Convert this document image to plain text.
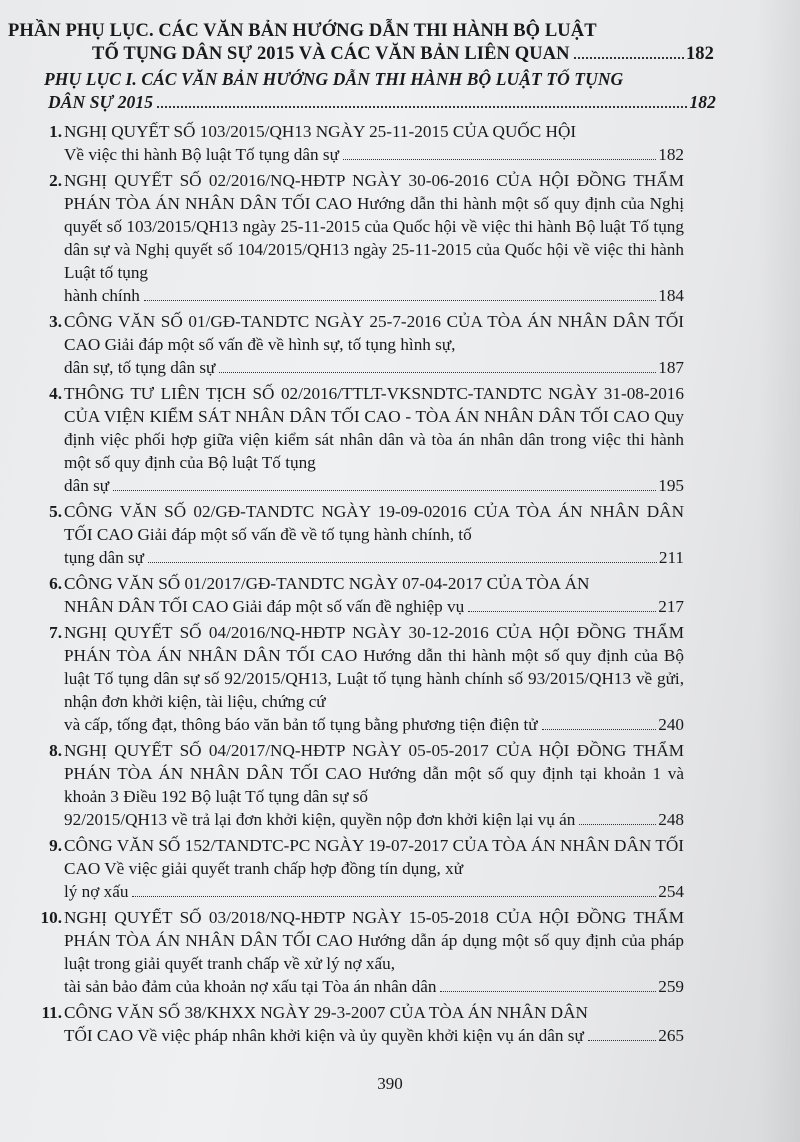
PHẦN PHỤ LỤC. CÁC VĂN BẢN HƯỚNG DẪN THI HÀNH BỘ LUẬT
TỐ TỤNG DÂN SỰ 2015 VÀ CÁC VĂN BẢN LIÊN QUAN	182
PHỤ LỤC I. CÁC VĂN BẢN HƯỚNG DẪN THI HÀNH BỘ LUẬT TỐ TỤNG
DÂN SỰ 2015	182
1. NGHỊ QUYẾT SỐ 103/2015/QH13 NGÀY 25-11-2015 CỦA QUỐC HỘI
Về việc thi hành Bộ luật Tố tụng dân sự	182
2. NGHỊ QUYẾT SỐ 02/2016/NQ-HĐTP NGÀY 30-06-2016 CỦA HỘI ĐỒNG THẨM PHÁN TÒA ÁN NHÂN DÂN TỐI CAO Hướng dẫn thi hành một số quy định của Nghị quyết số 103/2015/QH13 ngày 25-11-2015 của Quốc hội về việc thi hành Bộ luật Tố tụng dân sự và Nghị quyết số 104/2015/QH13 ngày 25-11-2015 của Quốc hội về việc thi hành Luật tố tụng
hành chính	184
3. CÔNG VĂN SỐ 01/GĐ-TANDTC NGÀY 25-7-2016 CỦA TÒA ÁN NHÂN DÂN TỐI CAO Giải đáp một số vấn đề về hình sự, tố tụng hình sự,
dân sự, tố tụng dân sự	187
4. THÔNG TƯ LIÊN TỊCH SỐ 02/2016/TTLT-VKSNDTC-TANDTC NGÀY 31-08-2016 CỦA VIỆN KIỂM SÁT NHÂN DÂN TỐI CAO - TÒA ÁN NHÂN DÂN TỐI CAO Quy định việc phối hợp giữa viện kiểm sát nhân dân và tòa án nhân dân trong việc thi hành một số quy định của Bộ luật Tố tụng
dân sự	195
5. CÔNG VĂN SỐ 02/GĐ-TANDTC NGÀY 19-09-02016 CỦA TÒA ÁN NHÂN DÂN TỐI CAO Giải đáp một số vấn đề về tố tụng hành chính, tố
tụng dân sự	211
6. CÔNG VĂN SỐ 01/2017/GĐ-TANDTC NGÀY 07-04-2017 CỦA TÒA ÁN
NHÂN DÂN TỐI CAO Giải đáp một số vấn đề nghiệp vụ	217
7. NGHỊ QUYẾT SỐ 04/2016/NQ-HĐTP NGÀY 30-12-2016 CỦA HỘI ĐỒNG THẨM PHÁN TÒA ÁN NHÂN DÂN TỐI CAO Hướng dẫn thi hành một số quy định của Bộ luật Tố tụng dân sự số 92/2015/QH13, Luật tố tụng hành chính số 93/2015/QH13 về gửi, nhận đơn khởi kiện, tài liệu, chứng cứ
và cấp, tống đạt, thông báo văn bản tố tụng bằng phương tiện điện tử	240
8. NGHỊ QUYẾT SỐ 04/2017/NQ-HĐTP NGÀY 05-05-2017 CỦA HỘI ĐỒNG THẨM PHÁN TÒA ÁN NHÂN DÂN TỐI CAO Hướng dẫn một số quy định tại khoản 1 và khoản 3 Điều 192 Bộ luật Tố tụng dân sự số
92/2015/QH13 về trả lại đơn khởi kiện, quyền nộp đơn khởi kiện lại vụ án	248
9. CÔNG VĂN SỐ 152/TANDTC-PC NGÀY 19-07-2017 CỦA TÒA ÁN NHÂN DÂN TỐI CAO Về việc giải quyết tranh chấp hợp đồng tín dụng, xử
lý nợ xấu	254
10. NGHỊ QUYẾT SỐ 03/2018/NQ-HĐTP NGÀY 15-05-2018 CỦA HỘI ĐỒNG THẨM PHÁN TÒA ÁN NHÂN DÂN TỐI CAO Hướng dẫn áp dụng một số quy định của pháp luật trong giải quyết tranh chấp về xử lý nợ xấu,
tài sản bảo đảm của khoản nợ xấu tại Tòa án nhân dân	259
11. CÔNG VĂN SỐ 38/KHXX NGÀY 29-3-2007 CỦA TÒA ÁN NHÂN DÂN
TỐI CAO Về việc pháp nhân khởi kiện và ủy quyền khởi kiện vụ án dân sự	265
390
